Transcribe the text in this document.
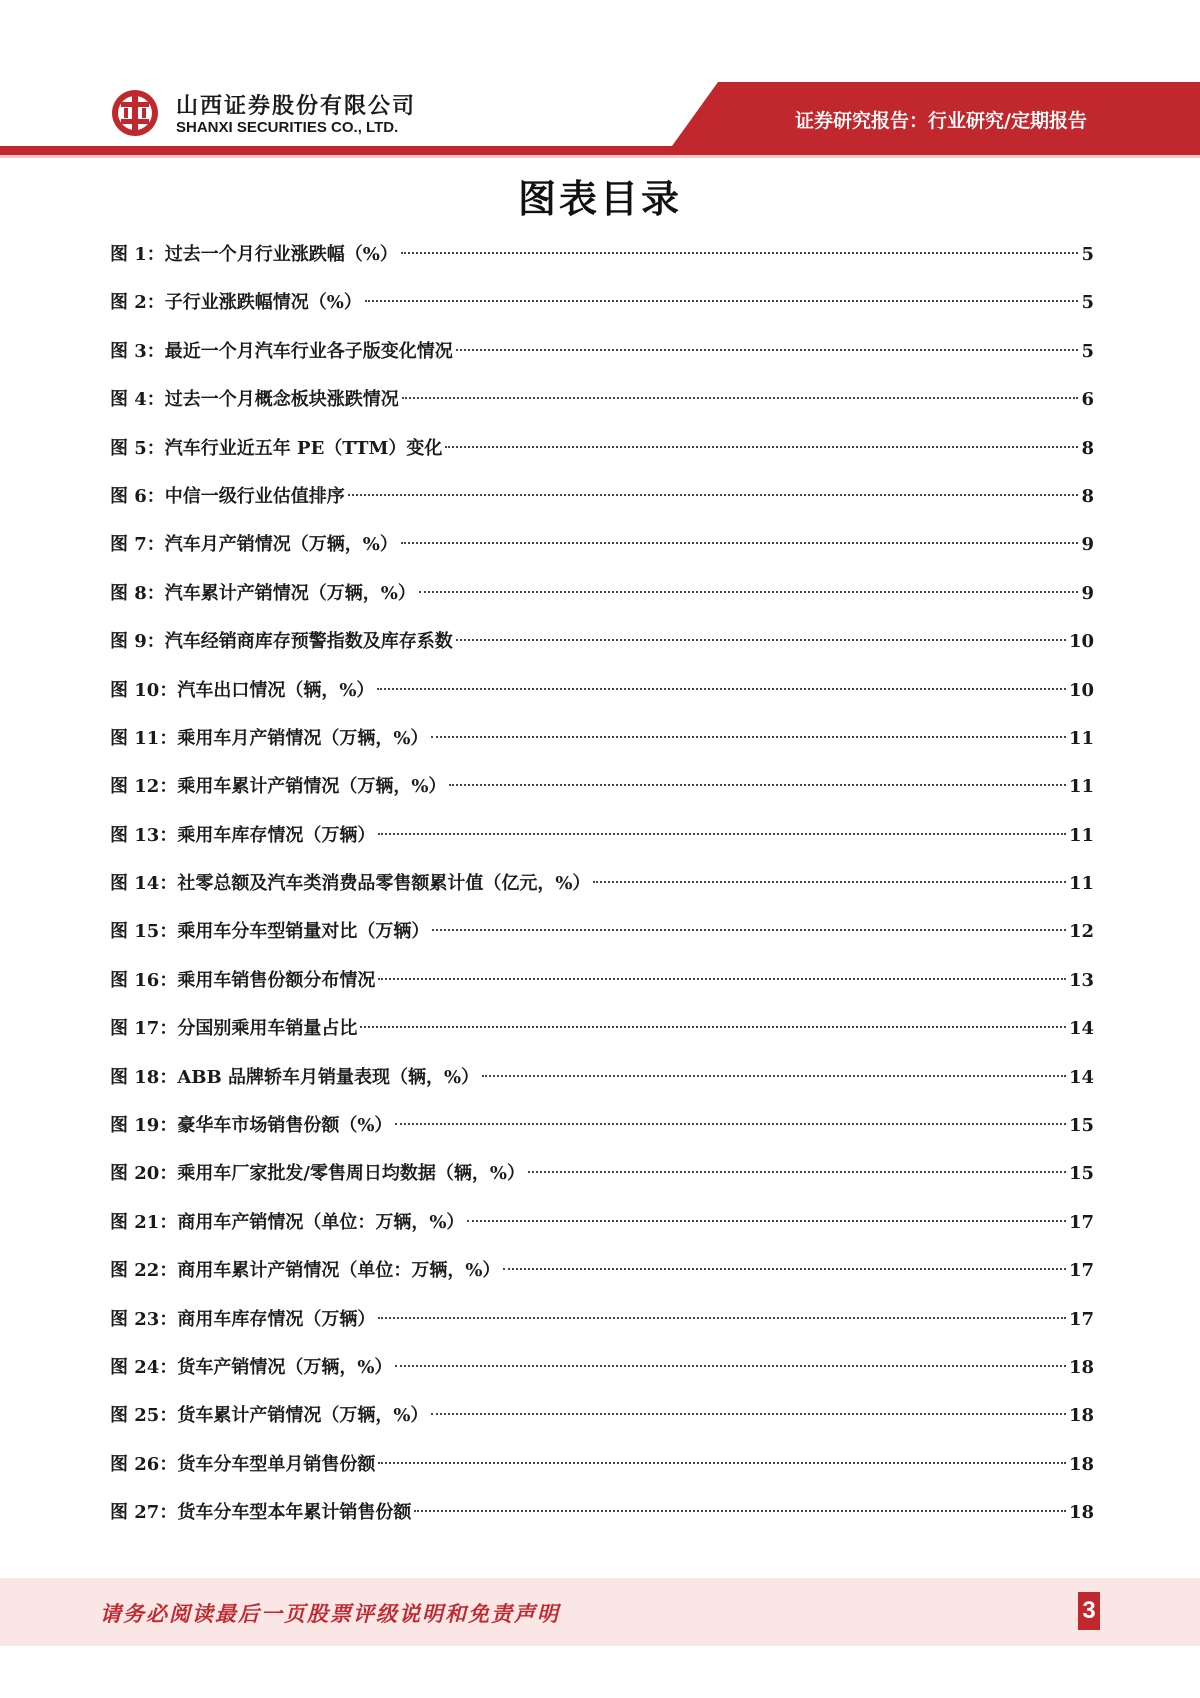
山西证券股份有限公司
SHANXI SECURITIES CO., LTD.	证券研究报告：行业研究/定期报告
图表目录
图 1：过去一个月行业涨跌幅（%）	5
图 2：子行业涨跌幅情况（%）	5
图 3：最近一个月汽车行业各子版变化情况	5
图 4：过去一个月概念板块涨跌情况	6
图 5：汽车行业近五年 PE（TTM）变化	8
图 6：中信一级行业估值排序	8
图 7：汽车月产销情况（万辆，%）	9
图 8：汽车累计产销情况（万辆，%）	9
图 9：汽车经销商库存预警指数及库存系数	10
图 10：汽车出口情况（辆，%）	10
图 11：乘用车月产销情况（万辆，%）	11
图 12：乘用车累计产销情况（万辆，%）	11
图 13：乘用车库存情况（万辆）	11
图 14：社零总额及汽车类消费品零售额累计值（亿元，%）	11
图 15：乘用车分车型销量对比（万辆）	12
图 16：乘用车销售份额分布情况	13
图 17：分国别乘用车销量占比	14
图 18：ABB 品牌轿车月销量表现（辆，%）	14
图 19：豪华车市场销售份额（%）	15
图 20：乘用车厂家批发/零售周日均数据（辆，%）	15
图 21：商用车产销情况（单位：万辆，%）	17
图 22：商用车累计产销情况（单位：万辆，%）	17
图 23：商用车库存情况（万辆）	17
图 24：货车产销情况（万辆，%）	18
图 25：货车累计产销情况（万辆，%）	18
图 26：货车分车型单月销售份额	18
图 27：货车分车型本年累计销售份额	18
请务必阅读最后一页股票评级说明和免责声明	3
